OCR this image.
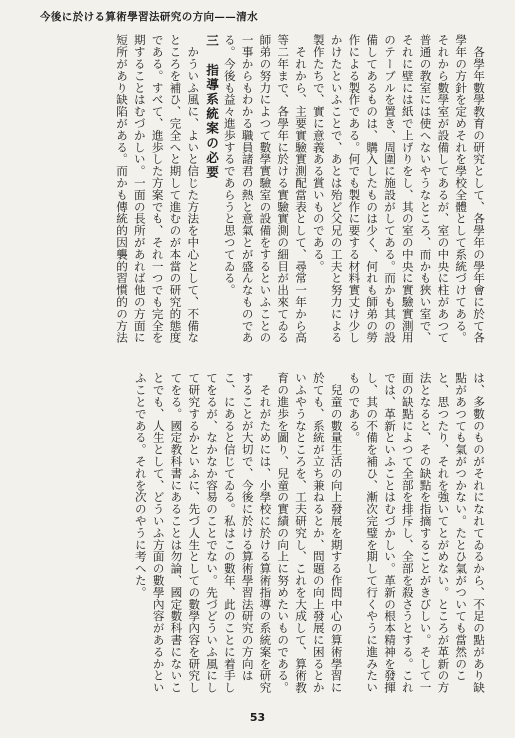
今後に於ける算術學習法研究の方向——清水
　各學年數學教育の研究として、各學年の學年會に於て各學年の方針を定めそれを學校全體として系統づけてある。それから數學室が設備してあるが、室の中央に柱があつて普通の教室には使へないやうなところ、而かも狹い室で、それに壁には紙で上げりをし、其の室の中央に實驗實測用のテーブルを置き、周圍に施設がしてある。而かも其の設備してあるものは、購入したものは少く、何れも師弟の勞作による製作である。何でも製作に要する材料實丈け少しかけたといふことで、あとは殆ど父兄の工夫と努力による製作たちで、實に意義ある賞いものである。
　それから、主要實驗實測配當表として、尋常一年から高等二年まで、各學年に於ける實驗實測の細目が出來てゐる師弟の努力によつて數學實驗室の設備をするといふことの一事からもわかる職員諸君の熱と意氣とが盛んなものである。今後も益々進歩するであらうと思つてゐる。
三　指導系統案の必要
　かういふ風に、よいと信じた方法を中心として、不備なところを補ひ、完全へと期して進むのが本當の研究的態度である。すべて、進歩した方案でも、それ一つでも完全を期することはむづかしい。一面の長所があれば他の方面に短所があり缺陷がある。而かも傳統的因襲的習慣的の方法
は、多數のものがそれになれてゐるから、不足の點があり缺點があつても氣がつかない。たとひ氣がついても當然のこと、思つたり、それを強いてとがめない。ところが革新の方法となると、その缺點を指摘することがきびしい。そして一面の缺點によつて全部を排斥し、全部を殺さうとする。これでは、革新といふことはむづかしい。革新の根本精神を發揮し、其の不備を補ひ、漸次完璧を期して行くやうに進みたいものである。
　兒童の數量生活の向上發展を期する作問中心の算術學習に於ても、系統が立ち兼ねるとか、問題の向上發展に困るとかいふやうなところを、工夫研究し、これを大成して、算術教育の進歩を圖り、兒童の實績の向上に努めたいものである。
　それがためには、小學校に於ける算術指導の系統案を研究することが大切で、今後に於ける算術學習法研究の方向はこ、にあると信じてゐる。私はこの數年、此のことに着手してをるが、なかなか容易のことでない。先づどういふ風にして研究するかといふに、先づ人生としての數學內容を研究してをる。國定教科書にあることは勿論、國定數科書にないことでも、人生として、どういふ方面の數學內容があるかといふことである。それを次のやうに考へた。
53
